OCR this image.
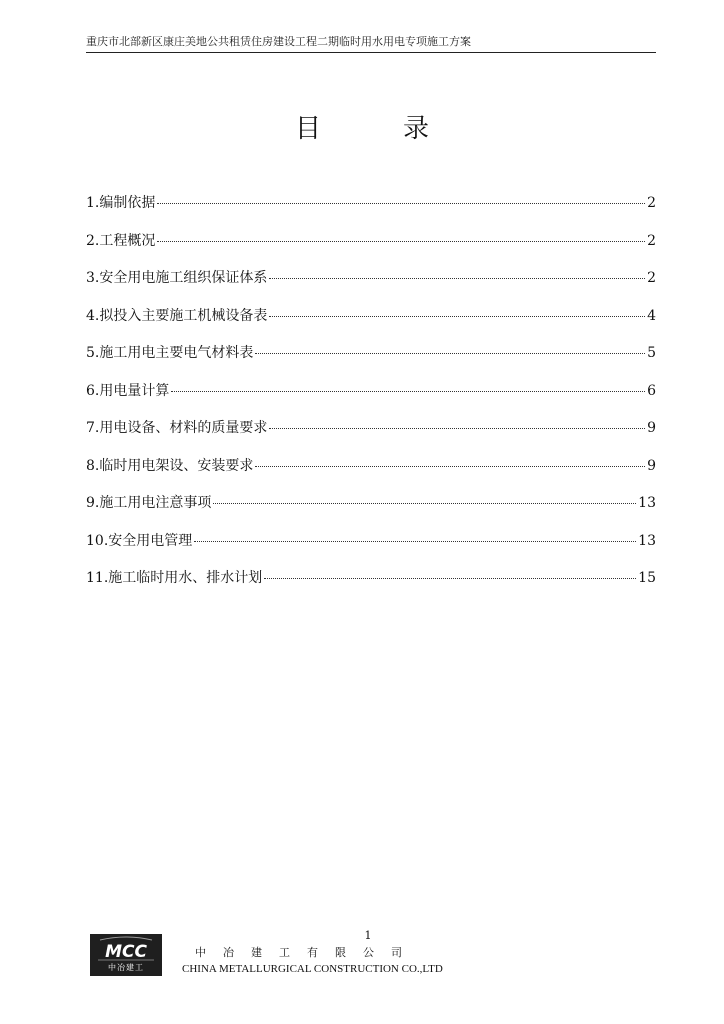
重庆市北部新区康庄美地公共租赁住房建设工程二期临时用水用电专项施工方案
目　录
1.编制依据	2
2.工程概况	2
3.安全用电施工组织保证体系	2
4.拟投入主要施工机械设备表	4
5.施工用电主要电气材料表	5
6.用电量计算	6
7.用电设备、材料的质量要求	9
8.临时用电架设、安装要求	9
9.施工用电注意事项	13
10.安全用电管理	13
11.施工临时用水、排水计划	15
1
MCC
中冶建工
中冶建工有限公司
CHINA METALLURGICAL CONSTRUCTION CO.,LTD
